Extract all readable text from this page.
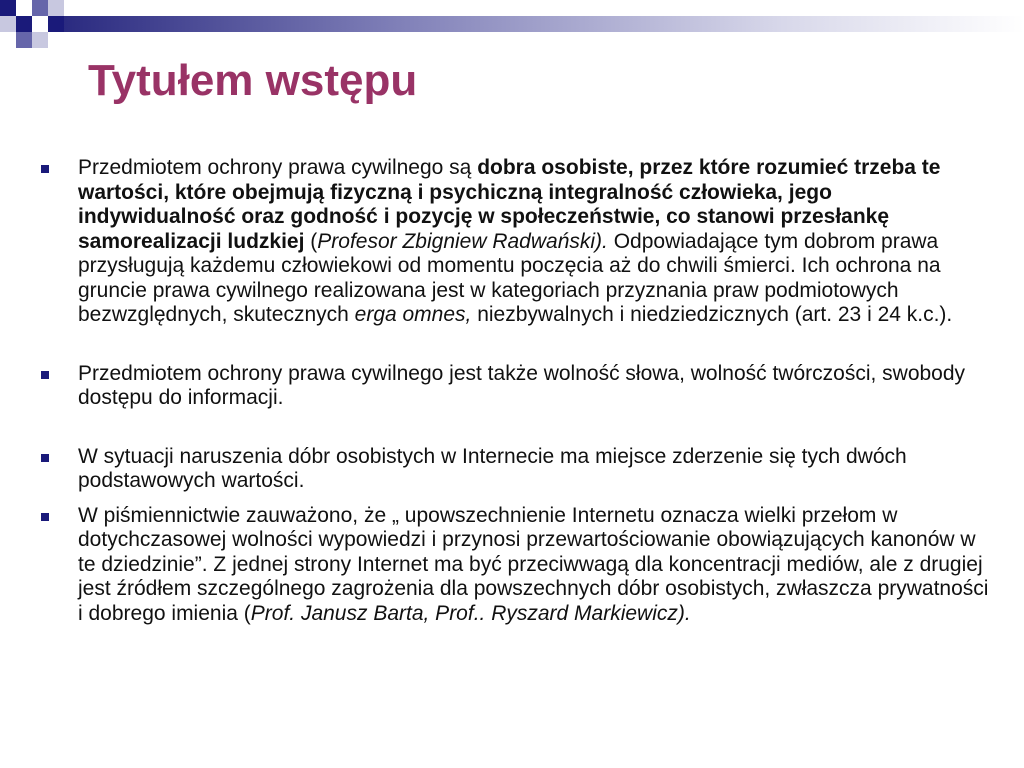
Tytułem wstępu
Przedmiotem ochrony prawa cywilnego są dobra osobiste, przez które rozumieć trzeba te wartości, które obejmują fizyczną i psychiczną integralność człowieka, jego indywidualność oraz godność i pozycję w społeczeństwie, co stanowi przesłankę samorealizacji ludzkiej (Profesor Zbigniew Radwański). Odpowiadające tym dobrom prawa przysługują każdemu człowiekowi od momentu poczęcia aż do chwili śmierci. Ich ochrona na gruncie prawa cywilnego realizowana jest w kategoriach przyznania praw podmiotowych bezwzględnych, skutecznych erga omnes, niezbywalnych i niedziedzicznych (art. 23 i 24 k.c.).
Przedmiotem ochrony prawa cywilnego jest także wolność słowa, wolność twórczości, swobody dostępu do informacji.
W sytuacji naruszenia dóbr osobistych w Internecie ma miejsce zderzenie się tych dwóch podstawowych wartości.
W piśmiennictwie zauważono, że „ upowszechnienie Internetu oznacza wielki przełom w dotychczasowej wolności wypowiedzi i przynosi przewartościowanie obowiązujących kanonów w te dziedzinie”. Z jednej strony Internet ma być przeciwwagą dla koncentracji mediów, ale z drugiej jest źródłem szczególnego zagrożenia dla powszechnych dóbr osobistych, zwłaszcza prywatności i dobrego imienia (Prof. Janusz Barta, Prof.. Ryszard Markiewicz).
